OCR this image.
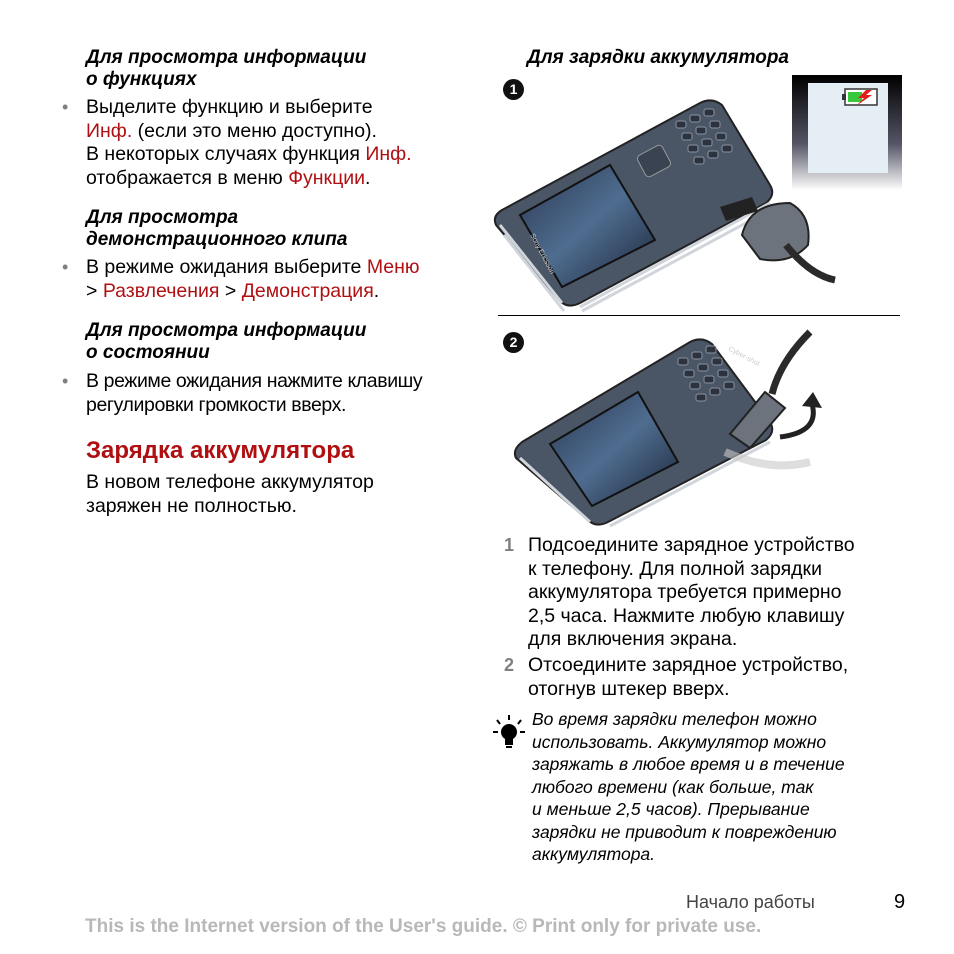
Для просмотра информации
о функциях
• Выделите функцию и выберите
Инф. (если это меню доступно).
В некоторых случаях функция Инф.
отображается в меню Функции.
Для просмотра
демонстрационного клипа
• В режиме ожидания выберите Меню
> Развлечения > Демонстрация.
Для просмотра информации
о состоянии
• В режиме ожидания нажмите клавишу
регулировки громкости вверх.
Зарядка аккумулятора
В новом телефоне аккумулятор
заряжен не полностью.
Для зарядки аккумулятора
1
Sony Ericsson
2
Cyber-shot
1 Подсоедините зарядное устройство
к телефону. Для полной зарядки
аккумулятора требуется примерно
2,5 часа. Нажмите любую клавишу
для включения экрана.
2 Отсоедините зарядное устройство,
отогнув штекер вверх.
Во время зарядки телефон можно
использовать. Аккумулятор можно
заряжать в любое время и в течение
любого времени (как больше, так
и меньше 2,5 часов). Прерывание
зарядки не приводит к повреждению
аккумулятора.
Начало работы	9
This is the Internet version of the User's guide. © Print only for private use.
